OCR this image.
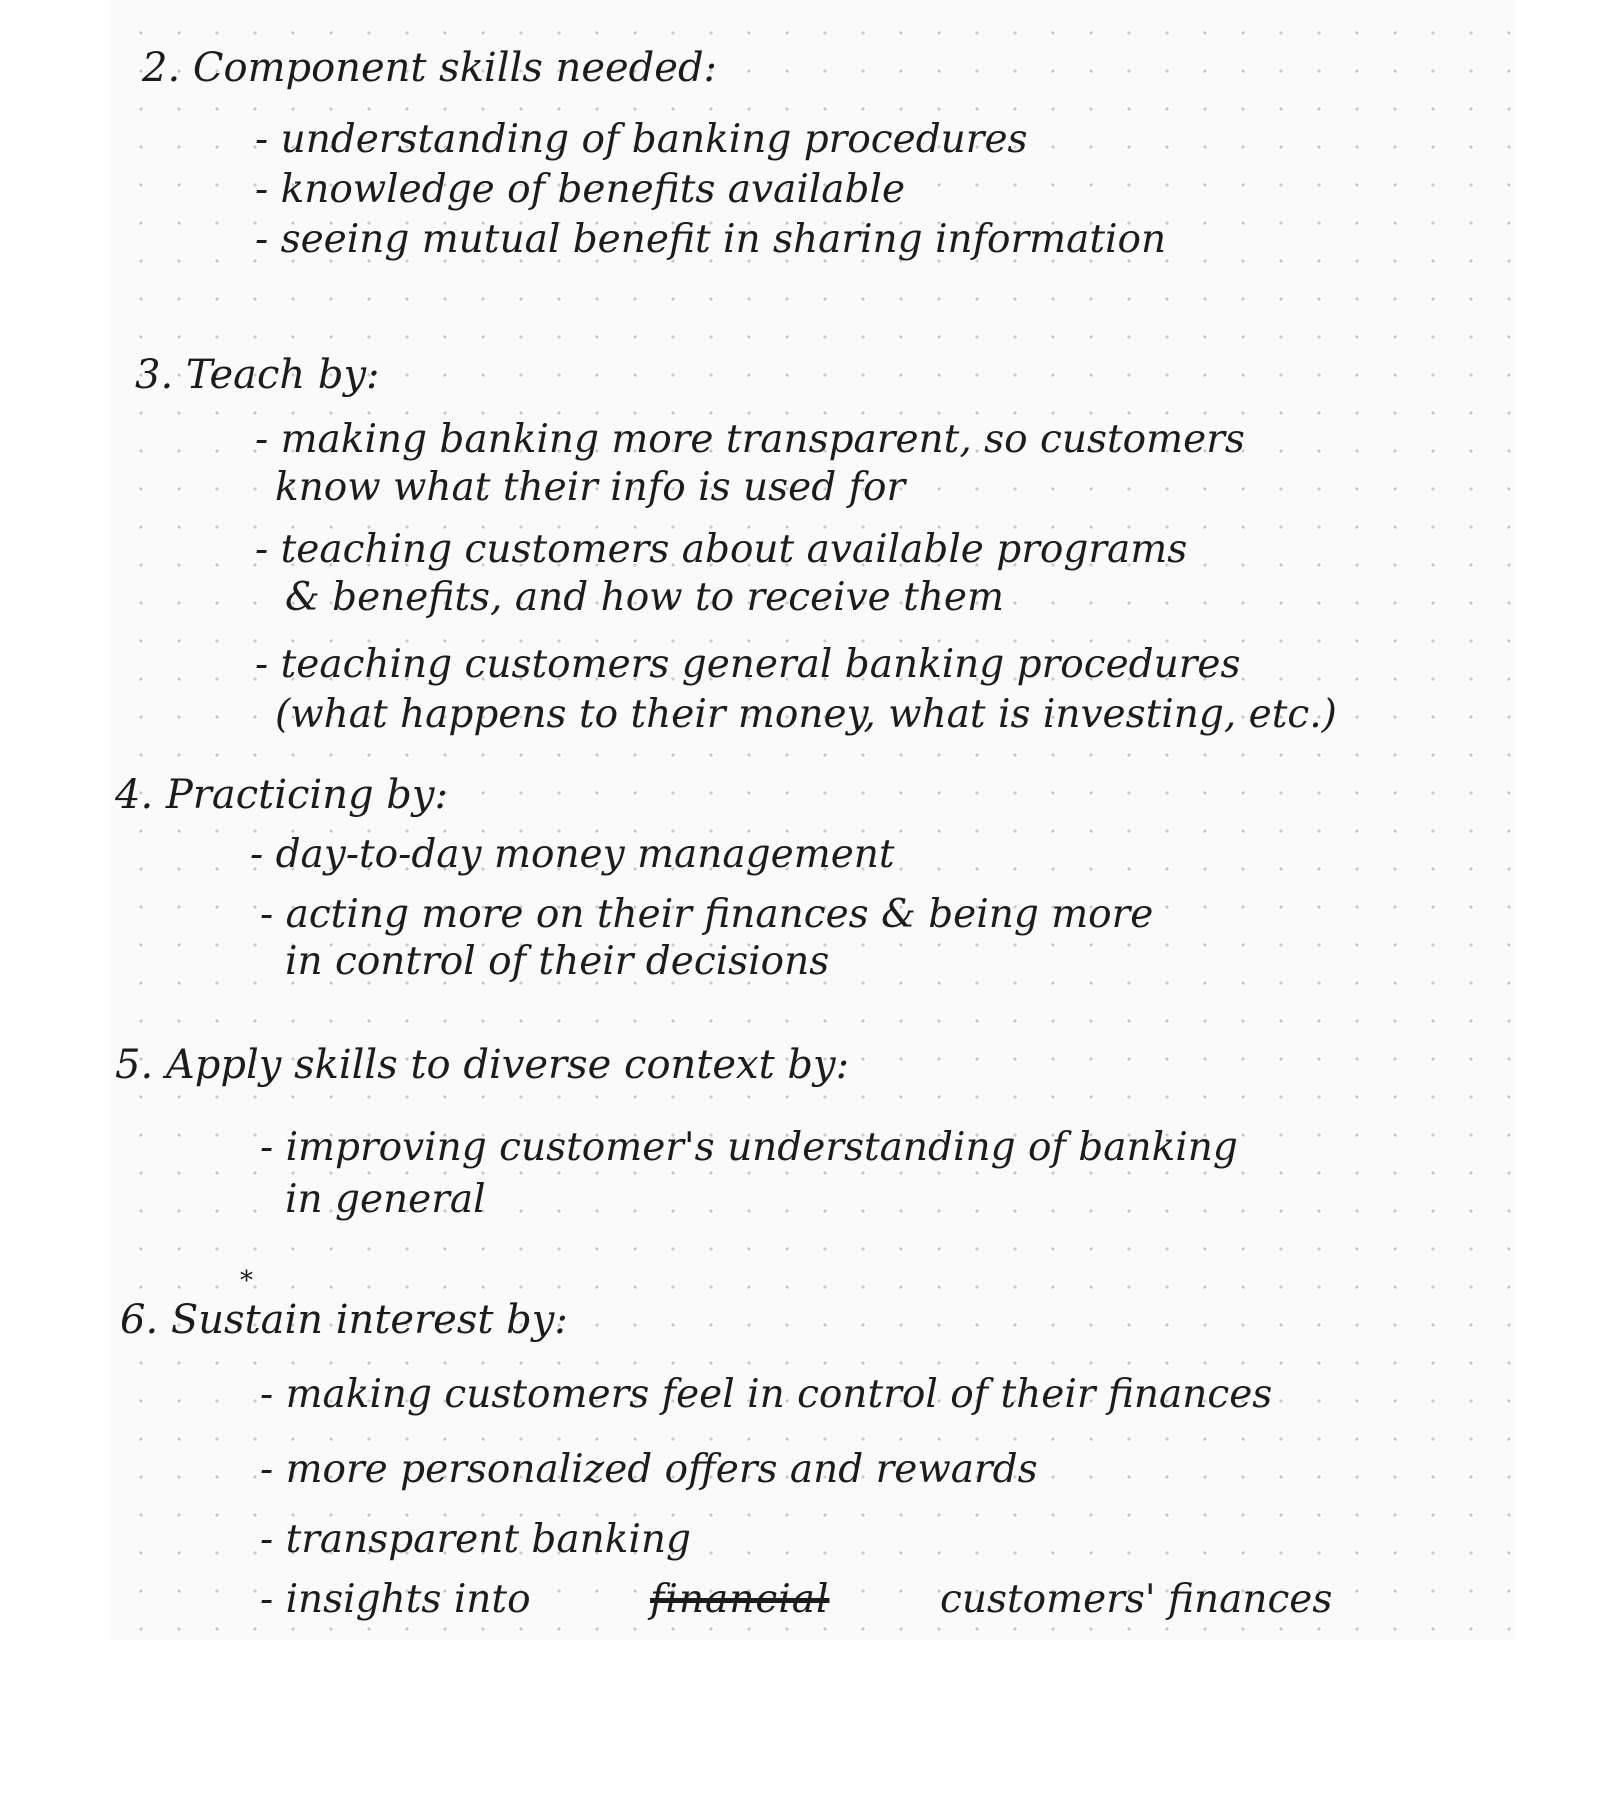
2. Component skills needed:
- understanding of banking procedures
- knowledge of benefits available
- seeing mutual benefit in sharing information
3. Teach by:
- making banking more transparent, so customers
know what their info is used for
- teaching customers about available programs
& benefits, and how to receive them
- teaching customers general banking procedures
(what happens to their money, what is investing, etc.)
4. Practicing by:
- day-to-day money management
- acting more on their finances & being more
in control of their decisions
5. Apply skills to diverse context by:
- improving customer's understanding of banking
in general
*
6. Sustain interest by:
- making customers feel in control of their finances
- more personalized offers and rewards
- transparent banking
- insights into	financial	customers' finances
